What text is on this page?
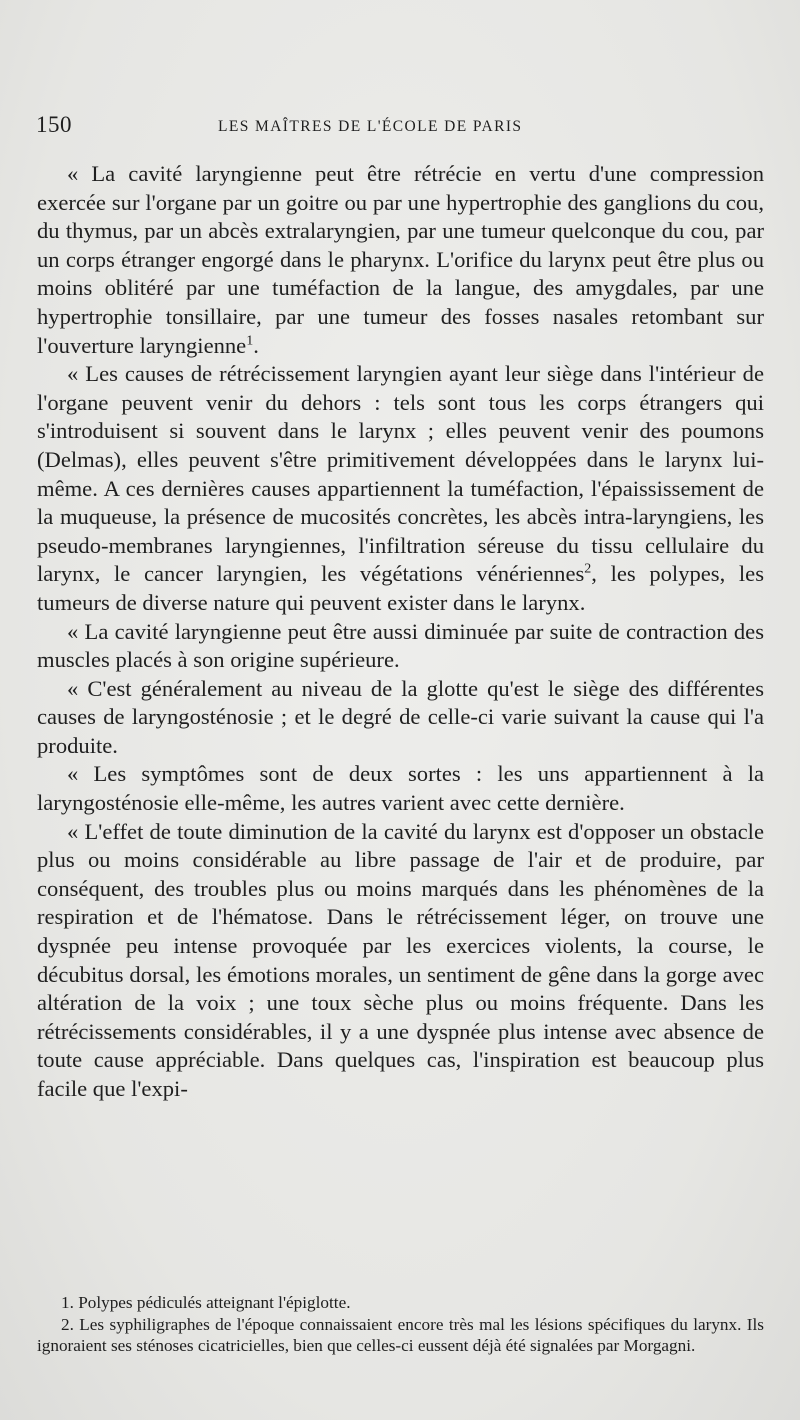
150	LES MAÎTRES DE L'ÉCOLE DE PARIS

« La cavité laryngienne peut être rétrécie en vertu d'une compression exercée sur l'organe par un goitre ou par une hypertrophie des ganglions du cou, du thymus, par un abcès extralaryngien, par une tumeur quelconque du cou, par un corps étranger engorgé dans le pharynx. L'orifice du larynx peut être plus ou moins oblitéré par une tuméfaction de la langue, des amygdales, par une hypertrophie tonsillaire, par une tumeur des fosses nasales retombant sur l'ouverture laryngienne$^1$.

« Les causes de rétrécissement laryngien ayant leur siège dans l'intérieur de l'organe peuvent venir du dehors : tels sont tous les corps étrangers qui s'introduisent si souvent dans le larynx ; elles peuvent venir des poumons (Delmas), elles peuvent s'être primitivement développées dans le larynx lui-même. A ces dernières causes appartiennent la tuméfaction, l'épaississement de la muqueuse, la présence de mucosités concrètes, les abcès intra-laryngiens, les pseudo-membranes laryngiennes, l'infiltration séreuse du tissu cellulaire du larynx, le cancer laryngien, les végétations vénériennes$^2$, les polypes, les tumeurs de diverse nature qui peuvent exister dans le larynx.

« La cavité laryngienne peut être aussi diminuée par suite de contraction des muscles placés à son origine supérieure.

« C'est généralement au niveau de la glotte qu'est le siège des différentes causes de laryngosténosie ; et le degré de celle-ci varie suivant la cause qui l'a produite.

« Les symptômes sont de deux sortes : les uns appartiennent à la laryngosténosie elle-même, les autres varient avec cette dernière.

« L'effet de toute diminution de la cavité du larynx est d'opposer un obstacle plus ou moins considérable au libre passage de l'air et de produire, par conséquent, des troubles plus ou moins marqués dans les phénomènes de la respiration et de l'hématose. Dans le rétrécissement léger, on trouve une dyspnée peu intense provoquée par les exercices violents, la course, le décubitus dorsal, les émotions morales, un sentiment de gêne dans la gorge avec altération de la voix ; une toux sèche plus ou moins fréquente. Dans les rétrécissements considérables, il y a une dyspnée plus intense avec absence de toute cause appréciable. Dans quelques cas, l'inspiration est beaucoup plus facile que l'expi-

1. Polypes pédiculés atteignant l'épiglotte.

2. Les syphiligraphes de l'époque connaissaient encore très mal les lésions spécifiques du larynx. Ils ignoraient ses sténoses cicatricielles, bien que celles-ci eussent déjà été signalées par Morgagni.
